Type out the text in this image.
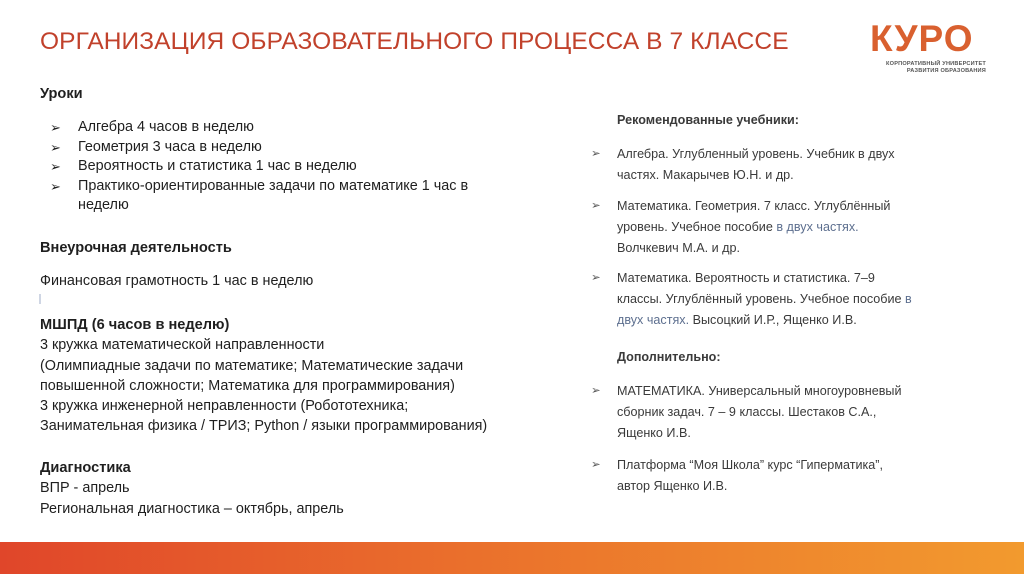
ОРГАНИЗАЦИЯ ОБРАЗОВАТЕЛЬНОГО ПРОЦЕССА В 7 КЛАССЕ КУРО
КОРПОРАТИВНЫЙ УНИВЕРСИТЕТ
РАЗВИТИЯ ОБРАЗОВАНИЯ
Уроки
➢ Алгебра 4 часов в неделю
➢ Геометрия 3 часа в неделю
➢ Вероятность и статистика 1 час в неделю
➢ Практико-ориентированные задачи по математике 1 час в неделю
Внеурочная деятельность
Финансовая грамотность 1 час в неделю
МШПД (6 часов в неделю)
3 кружка математической направленности
(Олимпиадные задачи по математике; Математические задачи
повышенной сложности; Математика для программирования)
3 кружка инженерной неправленности (Робототехника;
Занимательная физика / ТРИЗ; Python / языки программирования)
Диагностика
ВПР - апрель
Региональная диагностика – октябрь, апрель
Рекомендованные учебники:
➢ Алгебра. Углубленный уровень. Учебник в двух
частях. Макарычев Ю.Н. и др.
➢ Математика. Геометрия. 7 класс. Углублённый
уровень. Учебное пособие в двух частях.
Волчкевич М.А. и др.
➢ Математика. Вероятность и статистика. 7–9
классы. Углублённый уровень. Учебное пособие в
двух частях. Высоцкий И.Р., Ященко И.В.
Дополнительно:
➢ МАТЕМАТИКА. Универсальный многоуровневый
сборник задач. 7 – 9 классы. Шестаков С.А.,
Ященко И.В.
➢ Платформа “Моя Школа” курс “Гиперматика”,
автор Ященко И.В.
